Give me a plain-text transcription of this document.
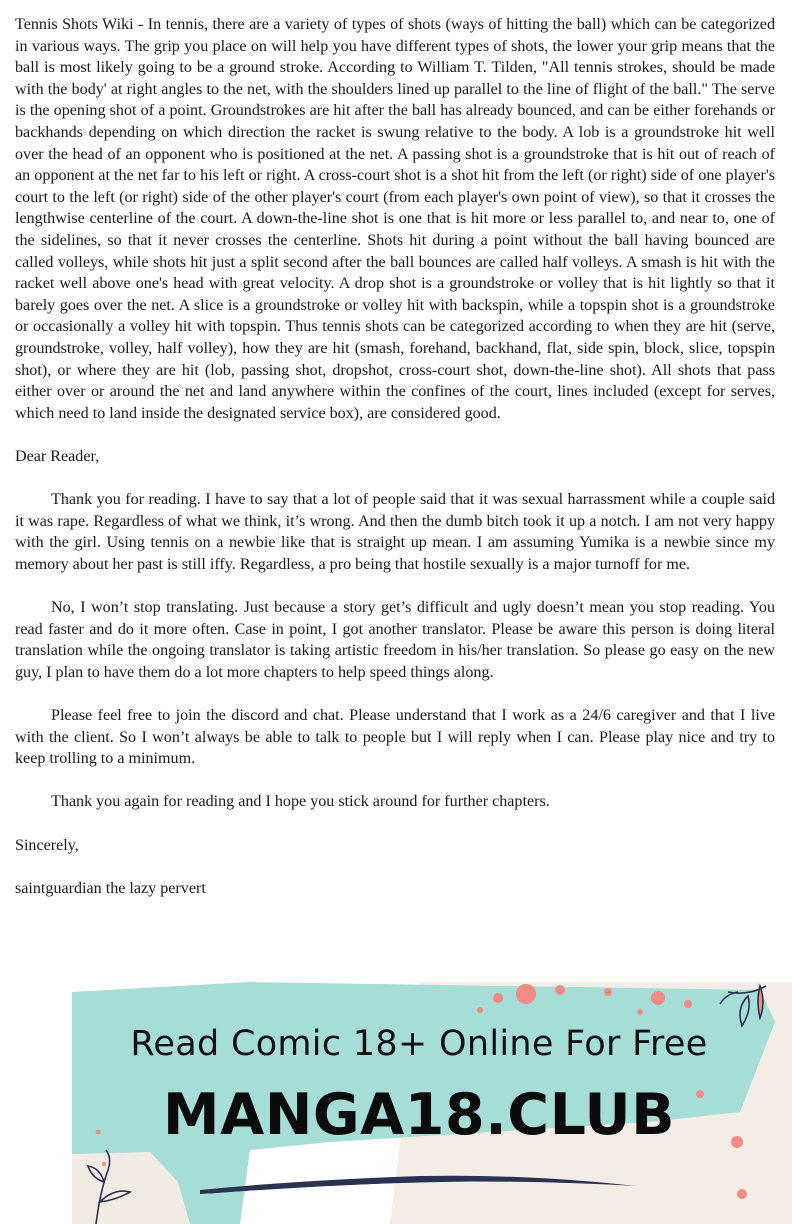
Tennis Shots Wiki - In tennis, there are a variety of types of shots (ways of hitting the ball) which can be categorized in various ways. The grip you place on will help you have different types of shots, the lower your grip means that the ball is most likely going to be a ground stroke. According to William T. Tilden, "All tennis strokes, should be made with the body' at right angles to the net, with the shoulders lined up parallel to the line of flight of the ball." The serve is the opening shot of a point. Groundstrokes are hit after the ball has already bounced, and can be either forehands or backhands depending on which direction the racket is swung relative to the body. A lob is a groundstroke hit well over the head of an opponent who is positioned at the net. A passing shot is a groundstroke that is hit out of reach of an opponent at the net far to his left or right. A cross-court shot is a shot hit from the left (or right) side of one player's court to the left (or right) side of the other player's court (from each player's own point of view), so that it crosses the lengthwise centerline of the court. A down-the-line shot is one that is hit more or less parallel to, and near to, one of the sidelines, so that it never crosses the centerline. Shots hit during a point without the ball having bounced are called volleys, while shots hit just a split second after the ball bounces are called half volleys. A smash is hit with the racket well above one's head with great velocity. A drop shot is a groundstroke or volley that is hit lightly so that it barely goes over the net. A slice is a groundstroke or volley hit with backspin, while a topspin shot is a groundstroke or occasionally a volley hit with topspin. Thus tennis shots can be categorized according to when they are hit (serve, groundstroke, volley, half volley), how they are hit (smash, forehand, backhand, flat, side spin, block, slice, topspin shot), or where they are hit (lob, passing shot, dropshot, cross-court shot, down-the-line shot). All shots that pass either over or around the net and land anywhere within the confines of the court, lines included (except for serves, which need to land inside the designated service box), are considered good.

Dear Reader,

Thank you for reading. I have to say that a lot of people said that it was sexual harrassment while a couple said it was rape. Regardless of what we think, it’s wrong. And then the dumb bitch took it up a notch. I am not very happy with the girl. Using tennis on a newbie like that is straight up mean. I am assuming Yumika is a newbie since my memory about her past is still iffy. Regardless, a pro being that hostile sexually is a major turnoff for me.

No, I won’t stop translating. Just because a story get’s difficult and ugly doesn’t mean you stop reading. You read faster and do it more often. Case in point, I got another translator. Please be aware this person is doing literal translation while the ongoing translator is taking artistic freedom in his/her translation. So please go easy on the new guy, I plan to have them do a lot more chapters to help speed things along.

Please feel free to join the discord and chat. Please understand that I work as a 24/6 caregiver and that I live with the client. So I won’t always be able to talk to people but I will reply when I can. Please play nice and try to keep trolling to a minimum.

Thank you again for reading and I hope you stick around for further chapters.

Sincerely,

saintguardian the lazy pervert

Read Comic 18+ Online For Free
MANGA18.CLUB
